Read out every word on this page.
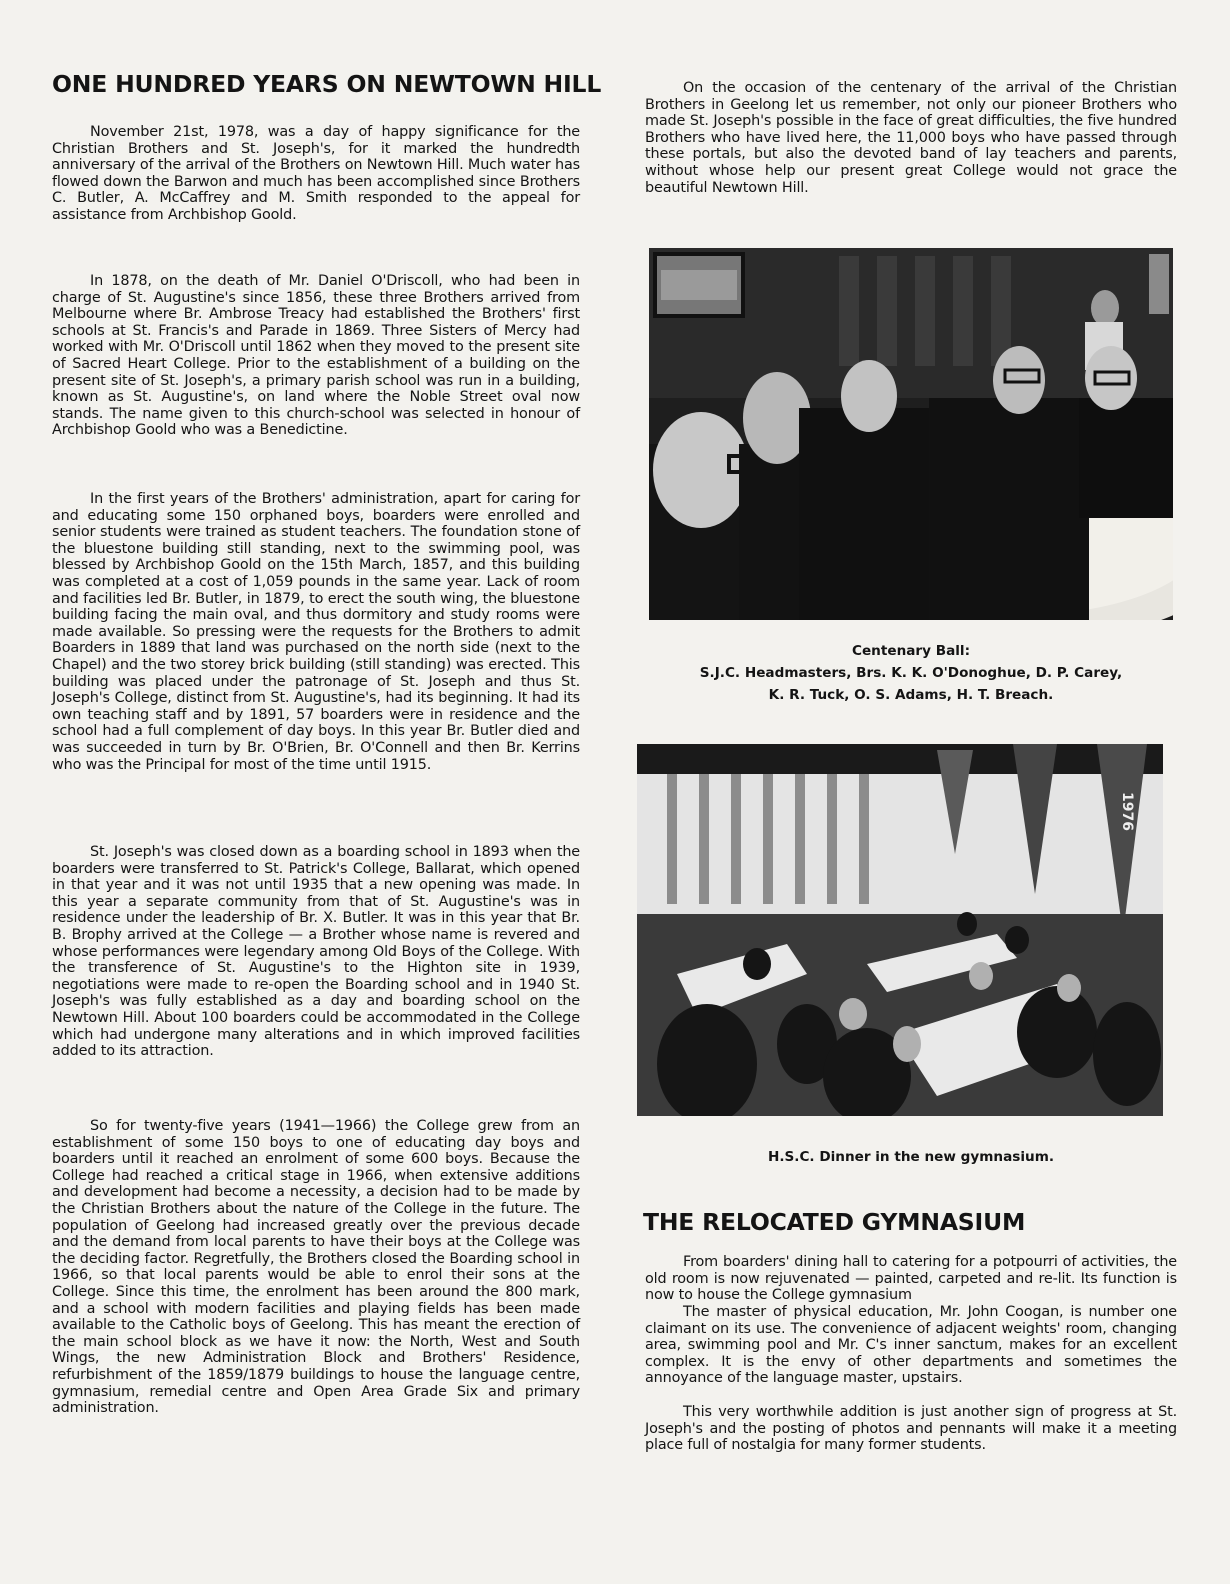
ONE HUNDRED YEARS ON NEWTOWN HILL

November 21st, 1978, was a day of happy significance for the Christian Brothers and St. Joseph's, for it marked the hundredth anniversary of the arrival of the Brothers on Newtown Hill. Much water has flowed down the Barwon and much has been accomplished since Brothers C. Butler, A. McCaffrey and M. Smith responded to the appeal for assistance from Archbishop Goold.

In 1878, on the death of Mr. Daniel O'Driscoll, who had been in charge of St. Augustine's since 1856, these three Brothers arrived from Melbourne where Br. Ambrose Treacy had established the Brothers' first schools at St. Francis's and Parade in 1869. Three Sisters of Mercy had worked with Mr. O'Driscoll until 1862 when they moved to the present site of Sacred Heart College. Prior to the establishment of a building on the present site of St. Joseph's, a primary parish school was run in a building, known as St. Augustine's, on land where the Noble Street oval now stands. The name given to this church-school was selected in honour of Archbishop Goold who was a Benedictine.

In the first years of the Brothers' administration, apart for caring for and educating some 150 orphaned boys, boarders were enrolled and senior students were trained as student teachers. The foundation stone of the bluestone building still standing, next to the swimming pool, was blessed by Archbishop Goold on the 15th March, 1857, and this building was completed at a cost of 1,059 pounds in the same year. Lack of room and facilities led Br. Butler, in 1879, to erect the south wing, the bluestone building facing the main oval, and thus dormitory and study rooms were made available. So pressing were the requests for the Brothers to admit Boarders in 1889 that land was purchased on the north side (next to the Chapel) and the two storey brick building (still standing) was erected. This building was placed under the patronage of St. Joseph and thus St. Joseph's College, distinct from St. Augustine's, had its beginning. It had its own teaching staff and by 1891, 57 boarders were in residence and the school had a full complement of day boys. In this year Br. Butler died and was succeeded in turn by Br. O'Brien, Br. O'Connell and then Br. Kerrins who was the Principal for most of the time until 1915.

St. Joseph's was closed down as a boarding school in 1893 when the boarders were transferred to St. Patrick's College, Ballarat, which opened in that year and it was not until 1935 that a new opening was made. In this year a separate community from that of St. Augustine's was in residence under the leadership of Br. X. Butler. It was in this year that Br. B. Brophy arrived at the College — a Brother whose name is revered and whose performances were legendary among Old Boys of the College. With the transference of St. Augustine's to the Highton site in 1939, negotiations were made to re-open the Boarding school and in 1940 St. Joseph's was fully established as a day and boarding school on the Newtown Hill. About 100 boarders could be accommodated in the College which had undergone many alterations and in which improved facilities added to its attraction.

So for twenty-five years (1941—1966) the College grew from an establishment of some 150 boys to one of educating day boys and boarders until it reached an enrolment of some 600 boys. Because the College had reached a critical stage in 1966, when extensive additions and development had become a necessity, a decision had to be made by the Christian Brothers about the nature of the College in the future. The population of Geelong had increased greatly over the previous decade and the demand from local parents to have their boys at the College was the deciding factor. Regretfully, the Brothers closed the Boarding school in 1966, so that local parents would be able to enrol their sons at the College. Since this time, the enrolment has been around the 800 mark, and a school with modern facilities and playing fields has been made available to the Catholic boys of Geelong. This has meant the erection of the main school block as we have it now: the North, West and South Wings, the new Administration Block and Brothers' Residence, refurbishment of the 1859/1879 buildings to house the language centre, gymnasium, remedial centre and Open Area Grade Six and primary administration.

On the occasion of the centenary of the arrival of the Christian Brothers in Geelong let us remember, not only our pioneer Brothers who made St. Joseph's possible in the face of great difficulties, the five hundred Brothers who have lived here, the 11,000 boys who have passed through these portals, but also the devoted band of lay teachers and parents, without whose help our present great College would not grace the beautiful Newtown Hill.

Centenary Ball:
S.J.C. Headmasters, Brs. K. K. O'Donoghue, D. P. Carey,
K. R. Tuck, O. S. Adams, H. T. Breach.
1976
H.S.C. Dinner in the new gymnasium.
THE RELOCATED GYMNASIUM

From boarders' dining hall to catering for a potpourri of activities, the old room is now rejuvenated — painted, carpeted and re-lit. Its function is now to house the College gymnasium

The master of physical education, Mr. John Coogan, is number one claimant on its use. The convenience of adjacent weights' room, changing area, swimming pool and Mr. C's inner sanctum, makes for an excellent complex. It is the envy of other departments and sometimes the annoyance of the language master, upstairs.

This very worthwhile addition is just another sign of progress at St. Joseph's and the posting of photos and pennants will make it a meeting place full of nostalgia for many former students.
